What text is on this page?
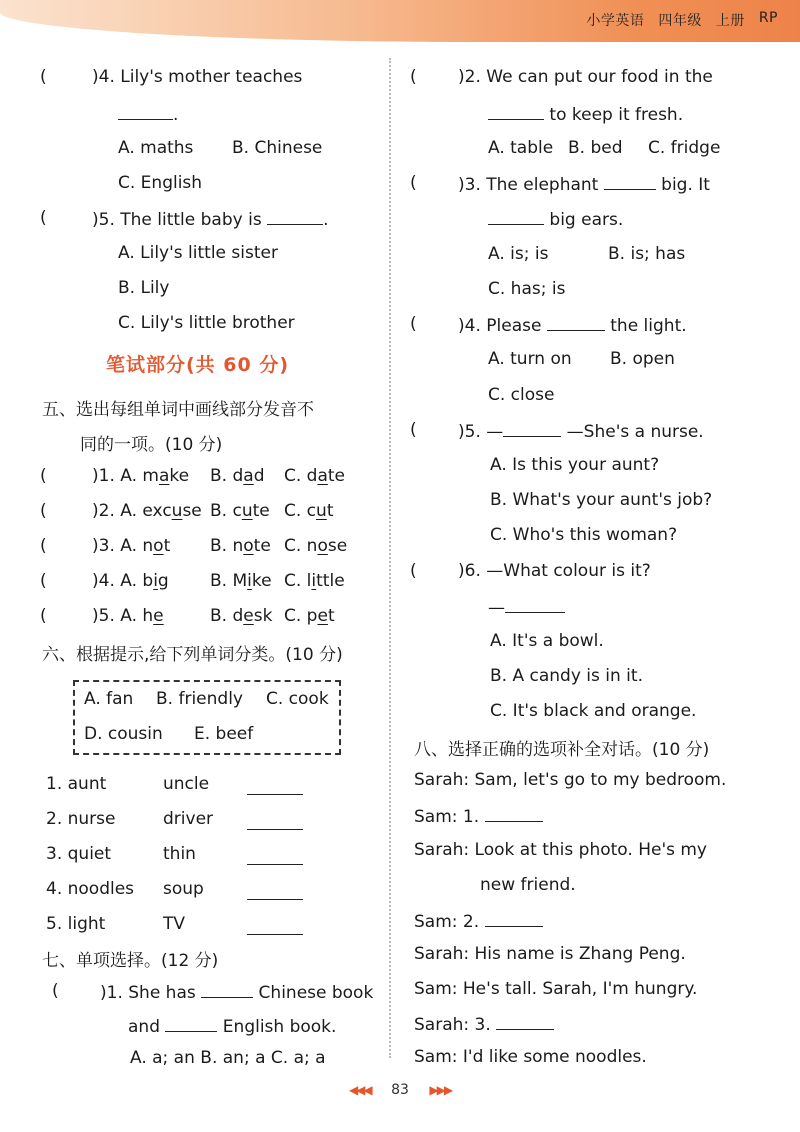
小学英语 四年级 上册 RP
(	)4. Lily's mother teaches
.
A. maths B. Chinese
C. English
(	)5. The little baby is	.
A. Lily's little sister
B. Lily
C. Lily's little brother
笔试部分(共 60 分)
五、选出每组单词中画线部分发音不
同的一项。(10 分)
(	)1. A. make B. dad C. date
(	)2. A. excuse B. cute C. cut
(	)3. A. not B. note C. nose
(	)4. A. big B. Mike C. little
(	)5. A. he	B. desk C. pet
六、根据提示,给下列单词分类。(10 分)
A. fan B. friendly C. cook
D. cousin E. beef
1. aunt	uncle
2. nurse	driver
3. quiet	thin
4. noodles soup
5. light	TV
七、单项选择。(12 分)
( )1. She has	Chinese book
and	English book.
A. a; an B. an; a C. a; a
( )2. We can put our food in the
to keep it fresh.
A. table B. bed C. fridge
( )3. The elephant	big. It
big ears.
A. is; is	B. is; has
C. has; is
( )4. Please	the light.
A. turn on B. open
C. close
( )5. —	—She's a nurse.
A. Is this your aunt?
B. What's your aunt's job?
C. Who's this woman?
( )6. —What colour is it?
—
A. It's a bowl.
B. A candy is in it.
C. It's black and orange.
八、选择正确的选项补全对话。(10 分)
Sarah: Sam, let's go to my bedroom.
Sam: 1.
Sarah: Look at this photo. He's my
new friend.
Sam: 2.
Sarah: His name is Zhang Peng.
Sam: He's tall. Sarah, I'm hungry.
Sarah: 3.
Sam: I'd like some noodles.
◀◀◀ 83 ▶▶▶
